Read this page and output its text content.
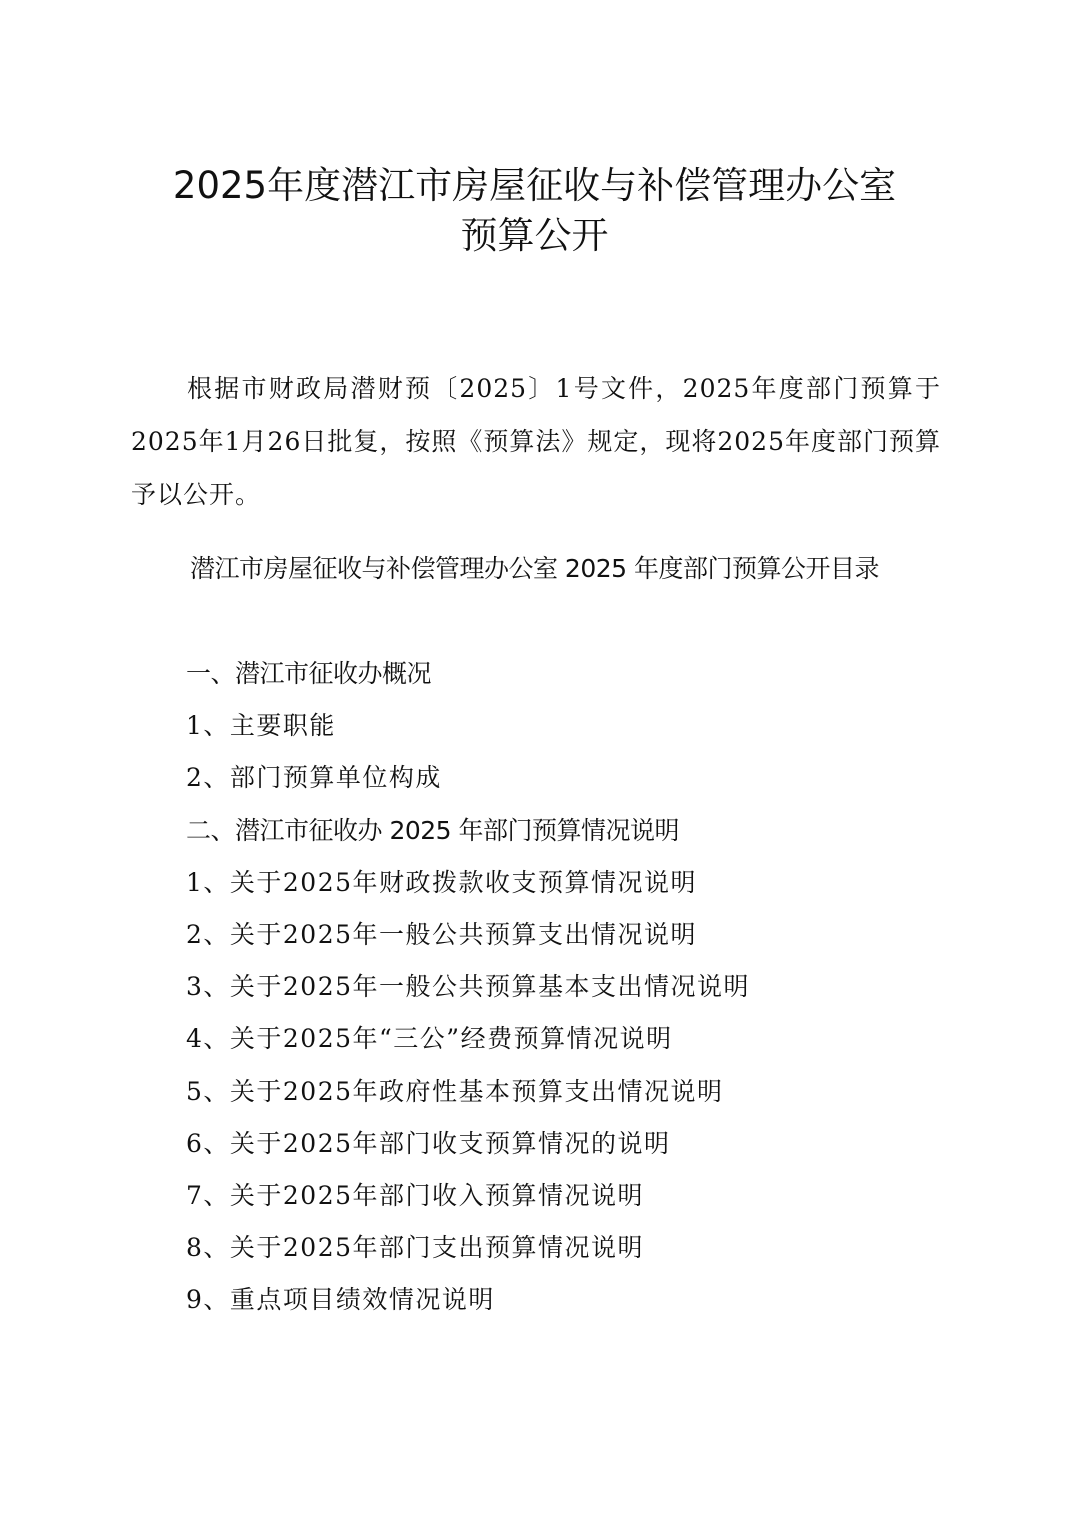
2025年度潜江市房屋征收与补偿管理办公室
预算公开

根据市财政局潜财预〔2025〕1号文件，2025年度部门预算于2025年1月26日批复，按照《预算法》规定，现将2025年度部门预算予以公开。

潜江市房屋征收与补偿管理办公室 2025 年度部门预算公开目录
一、潜江市征收办概况
1、主要职能
2、部门预算单位构成
二、潜江市征收办 2025 年部门预算情况说明
1、关于2025年财政拨款收支预算情况说明
2、关于2025年一般公共预算支出情况说明
3、关于2025年一般公共预算基本支出情况说明
4、关于2025年“三公”经费预算情况说明
5、关于2025年政府性基本预算支出情况说明
6、关于2025年部门收支预算情况的说明
7、关于2025年部门收入预算情况说明
8、关于2025年部门支出预算情况说明
9、重点项目绩效情况说明
